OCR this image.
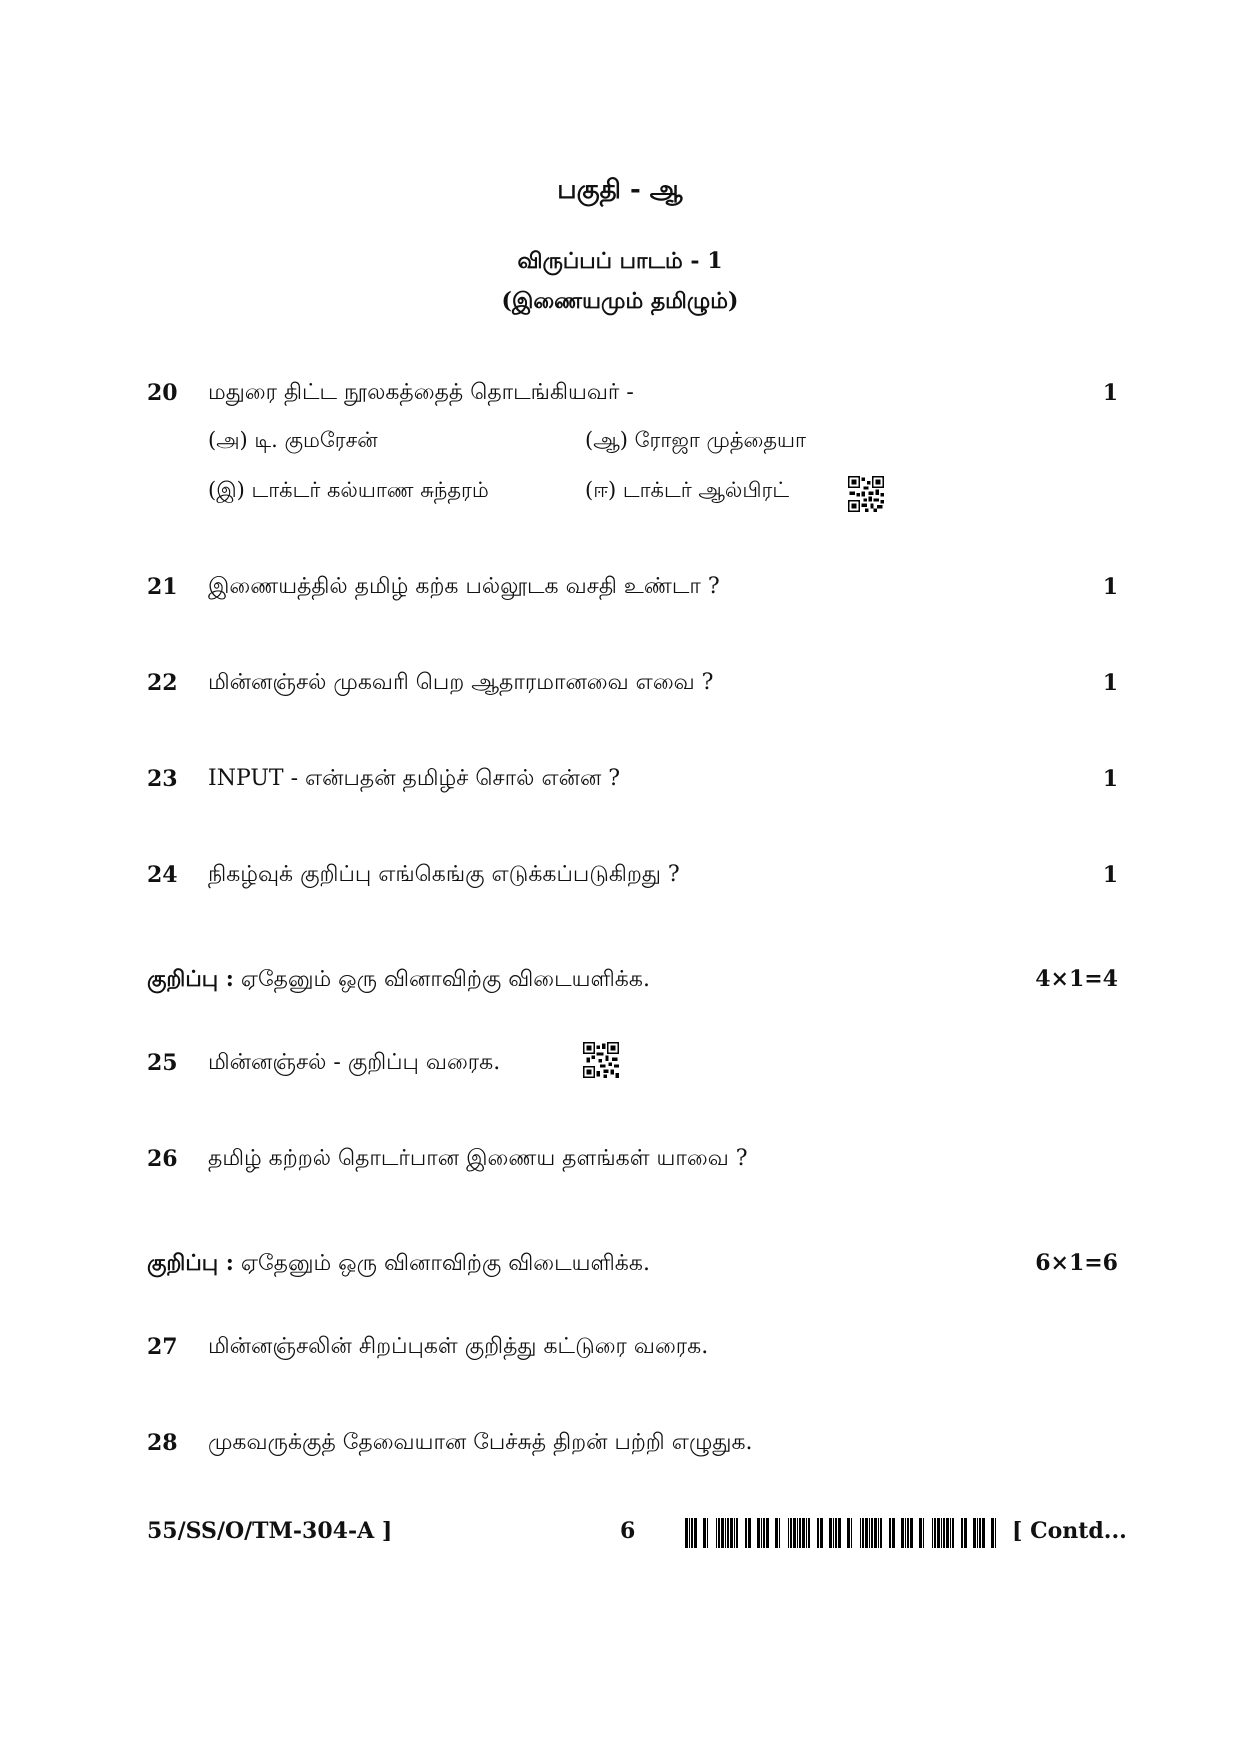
பகுதி - ஆ
விருப்பப் பாடம் - 1
(இணையமும் தமிழும்)
20 மதுரை திட்ட நூலகத்தைத் தொடங்கியவர் -	1
(அ) டி. குமரேசன்	(ஆ) ரோஜா முத்தையா
(இ) டாக்டர் கல்யாண சுந்தரம்	(ஈ) டாக்டர் ஆல்பிரட்
21 இணையத்தில் தமிழ் கற்க பல்லூடக வசதி உண்டா ?	1
22 மின்னஞ்சல் முகவரி பெற ஆதாரமானவை எவை ?	1
23 INPUT - என்பதன் தமிழ்ச் சொல் என்ன ?	1
24 நிகழ்வுக் குறிப்பு எங்கெங்கு எடுக்கப்படுகிறது ?	1
குறிப்பு : ஏதேனும் ஒரு வினாவிற்கு விடையளிக்க.	4×1=4
25 மின்னஞ்சல் - குறிப்பு வரைக.
26 தமிழ் கற்றல் தொடர்பான இணைய தளங்கள் யாவை ?
குறிப்பு : ஏதேனும் ஒரு வினாவிற்கு விடையளிக்க.	6×1=6
27 மின்னஞ்சலின் சிறப்புகள் குறித்து கட்டுரை வரைக.
28 முகவருக்குத் தேவையான பேச்சுத் திறன் பற்றி எழுதுக.
55/SS/O/TM-304-A ]	6	[ Contd...
